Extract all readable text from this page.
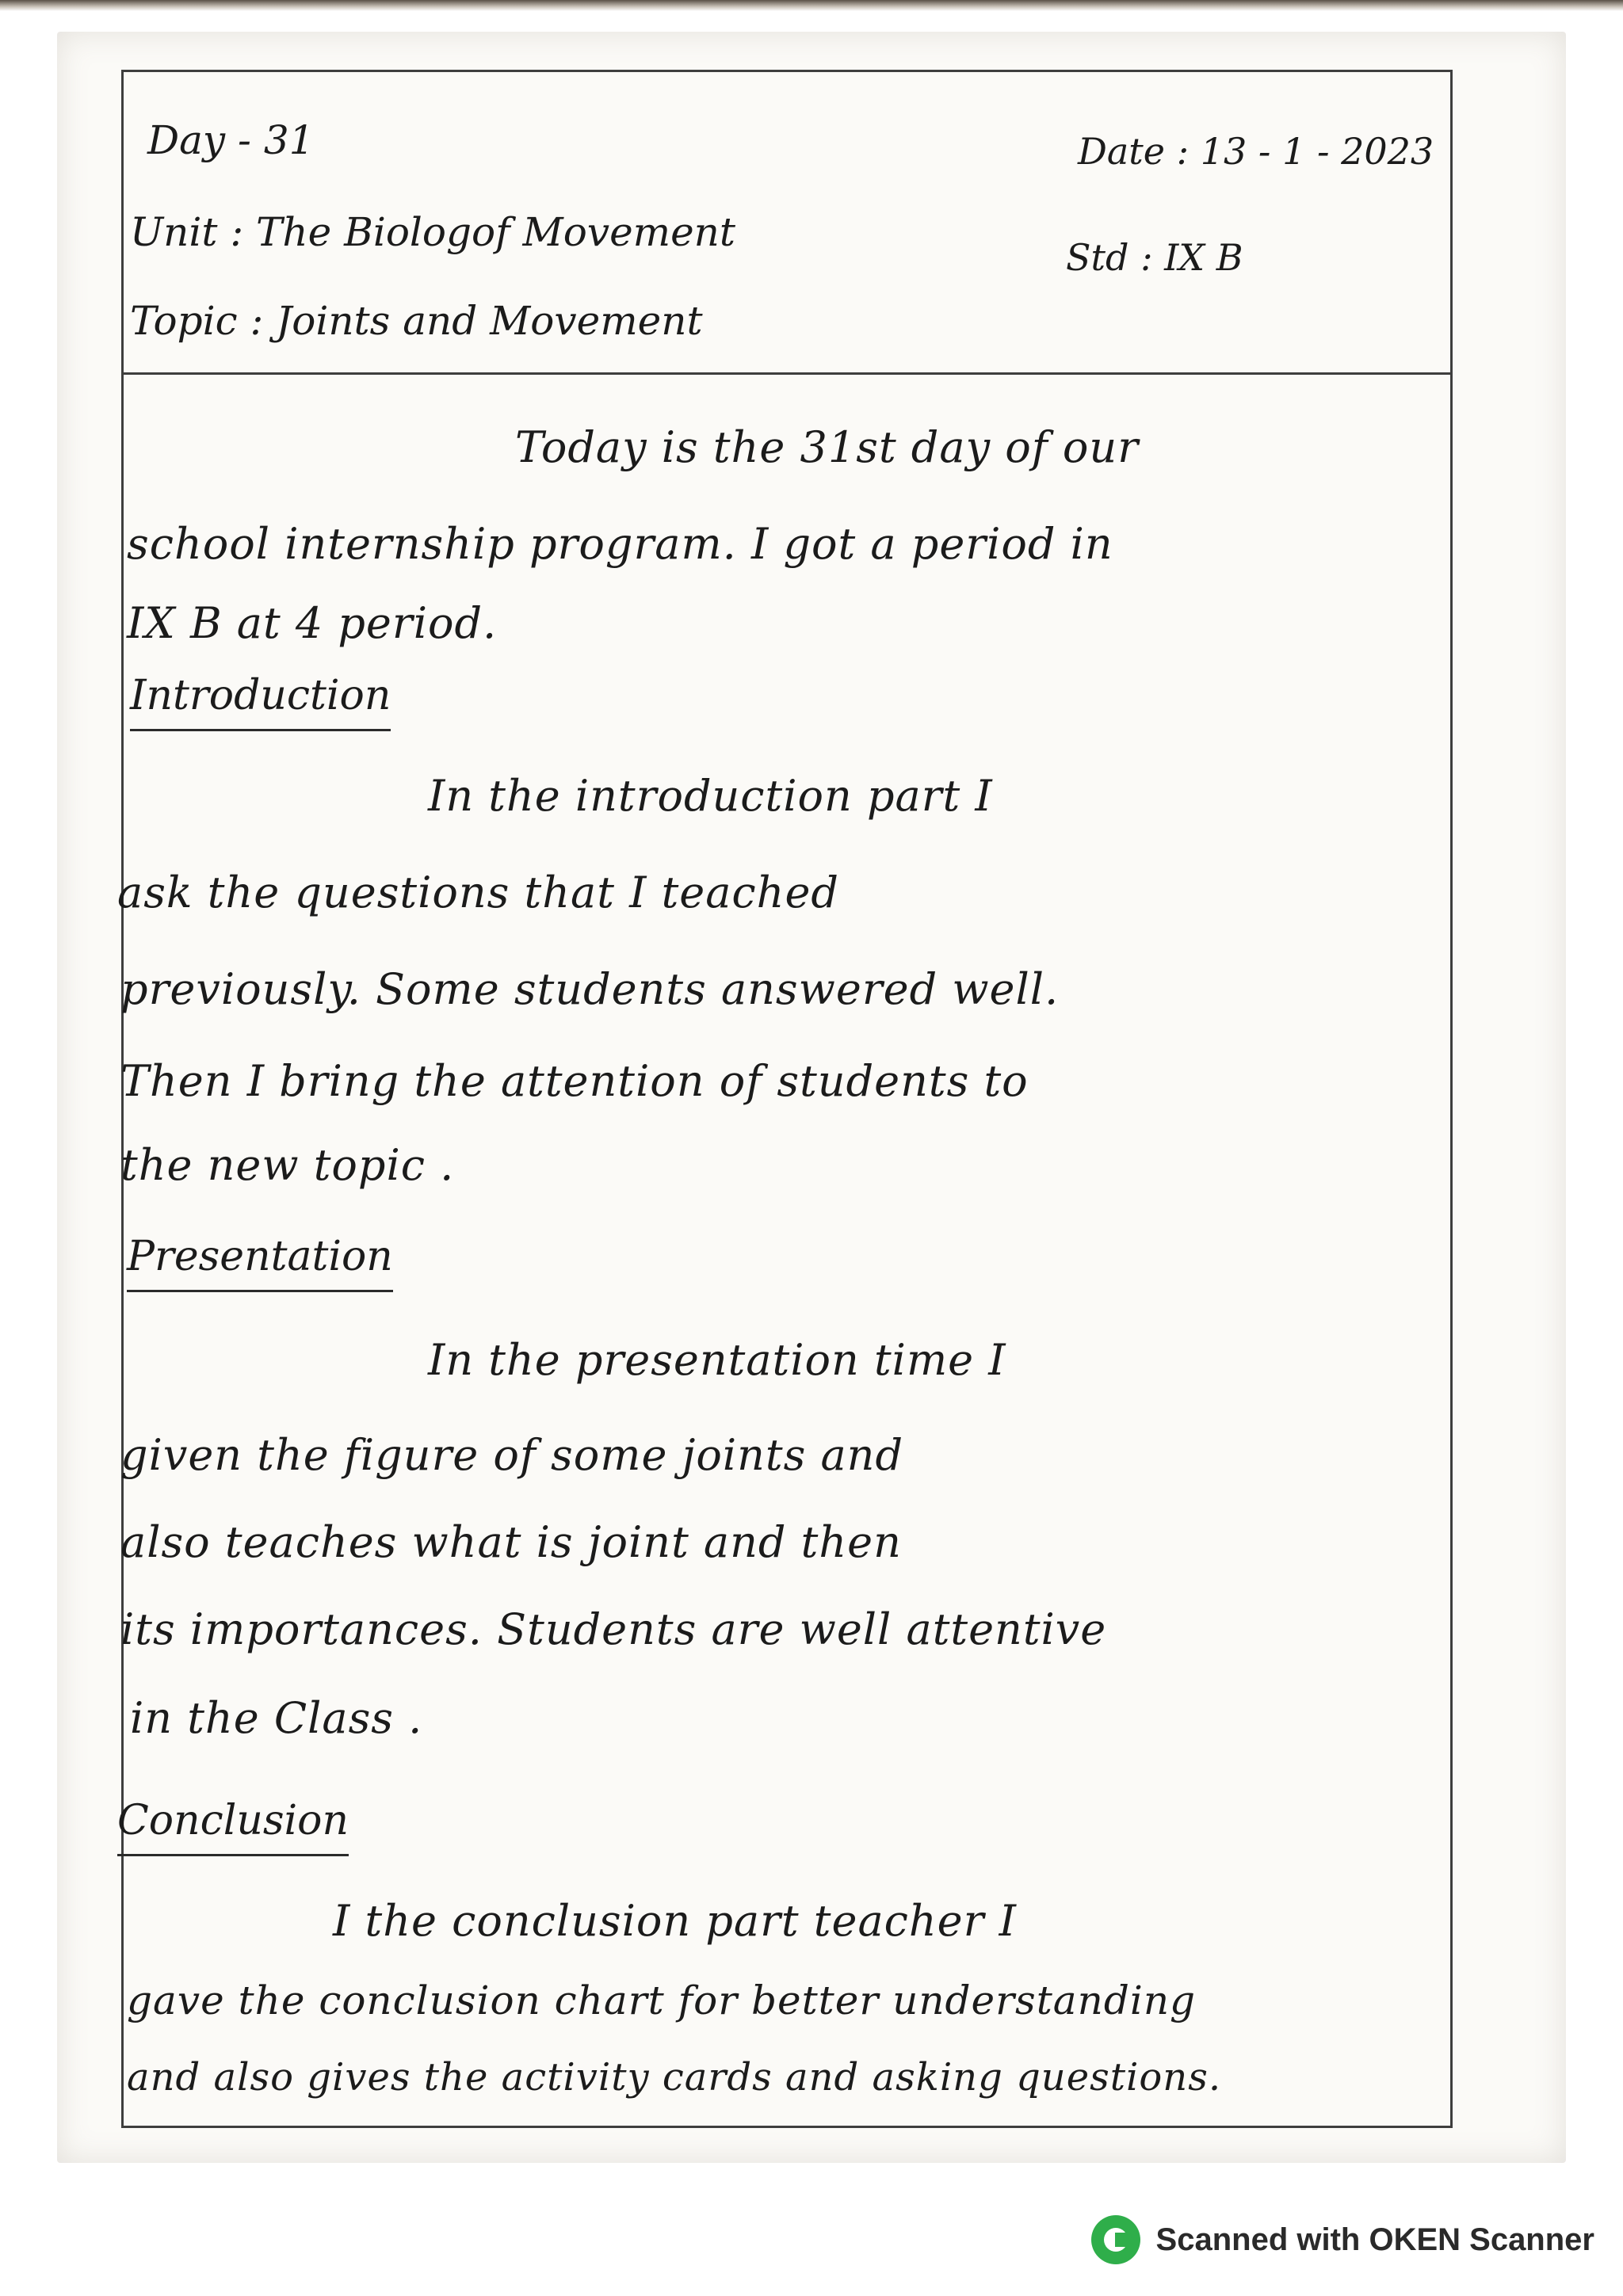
Day - 31	Date : 13 - 1 - 2023
Unit : The Biologof Movement
Std : IX B
Topic : Joints and Movement
Today is the 31st day of our
school internship program. I got a period in
IX B at 4 period.
Introduction
In the introduction part I
ask the questions that I teached
previously. Some students answered well.
Then I bring the attention of students to
the new topic .
Presentation
In the presentation time I
given the figure of some joints and
also teaches what is joint and then
its importances. Students are well attentive
in the Class .
Conclusion
I the conclusion part teacher I
gave the conclusion chart for better understanding
and also gives the activity cards and asking questions.
Scanned with OKEN Scanner
